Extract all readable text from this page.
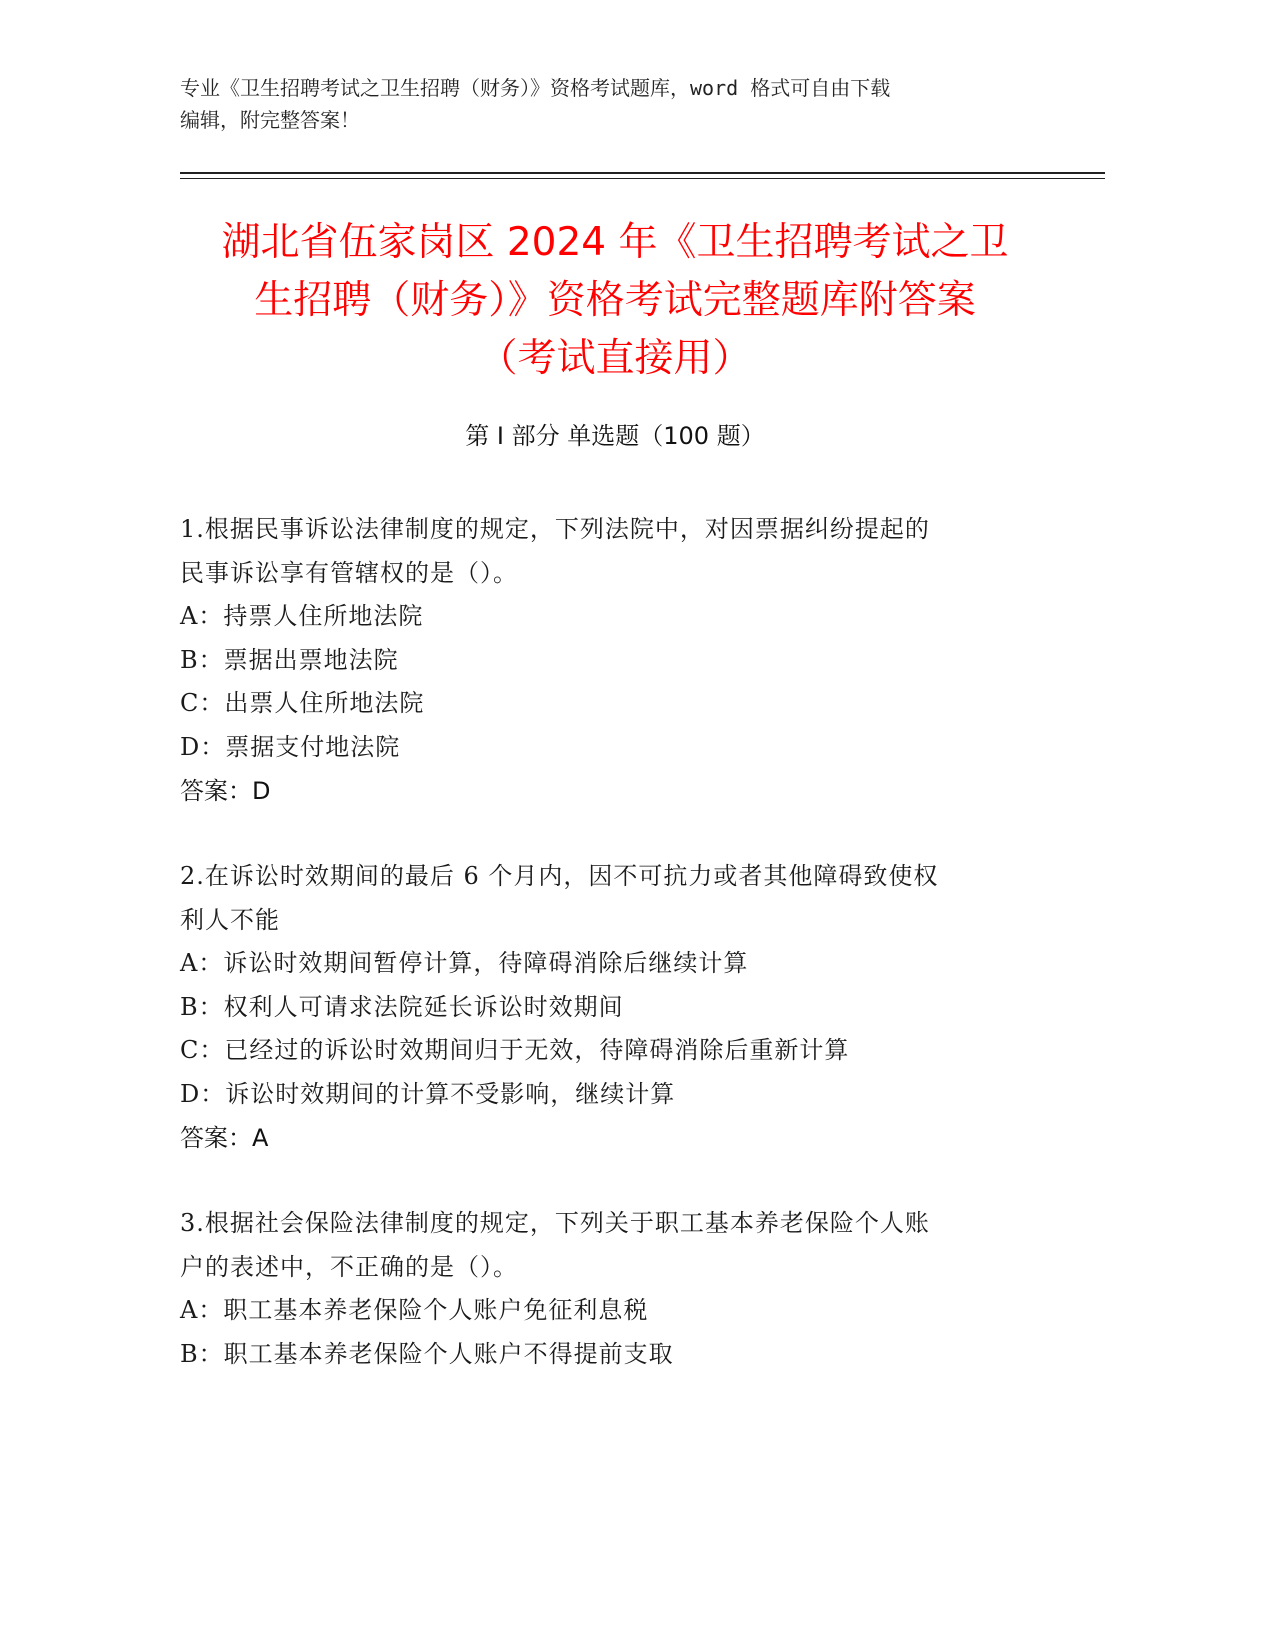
专业《卫生招聘考试之卫生招聘（财务）》资格考试题库，word 格式可自由下载
编辑，附完整答案！
湖北省伍家岗区 2024 年《卫生招聘考试之卫
生招聘（财务）》资格考试完整题库附答案
（考试直接用）
第 I 部分 单选题（100 题）
1.根据民事诉讼法律制度的规定，下列法院中，对因票据纠纷提起的
民事诉讼享有管辖权的是（）。
A：持票人住所地法院
B：票据出票地法院
C：出票人住所地法院
D：票据支付地法院
答案：D
2.在诉讼时效期间的最后 6 个月内，因不可抗力或者其他障碍致使权
利人不能
A：诉讼时效期间暂停计算，待障碍消除后继续计算
B：权利人可请求法院延长诉讼时效期间
C：已经过的诉讼时效期间归于无效，待障碍消除后重新计算
D：诉讼时效期间的计算不受影响，继续计算
答案：A
3.根据社会保险法律制度的规定，下列关于职工基本养老保险个人账
户的表述中，不正确的是（）。
A：职工基本养老保险个人账户免征利息税
B：职工基本养老保险个人账户不得提前支取
